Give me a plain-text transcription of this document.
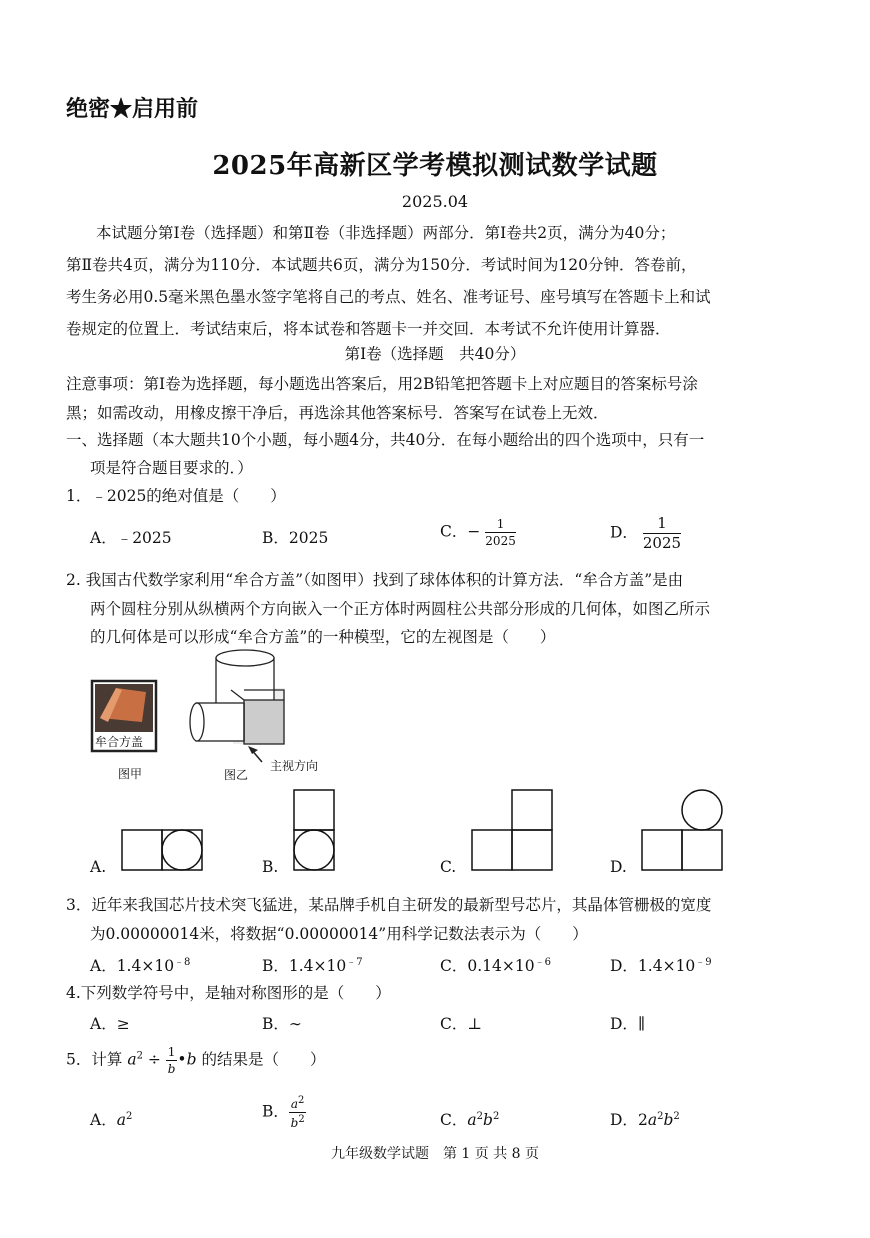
绝密★启用前
2025年高新区学考模拟测试数学试题
2025.04
本试题分第Ⅰ卷（选择题）和第Ⅱ卷（非选择题）两部分．第Ⅰ卷共2页，满分为40分；
第Ⅱ卷共4页，满分为110分．本试题共6页，满分为150分．考试时间为120分钟．答卷前，
考生务必用0.5毫米黑色墨水签字笔将自己的考点、姓名、准考证号、座号填写在答题卡上和试
卷规定的位置上．考试结束后，将本试卷和答题卡一并交回．本考试不允许使用计算器．
第Ⅰ卷（选择题　共40分）
注意事项：第Ⅰ卷为选择题，每小题选出答案后，用2B铅笔把答题卡上对应题目的答案标号涂
黑；如需改动，用橡皮擦干净后，再选涂其他答案标号．答案写在试卷上无效．
一、选择题（本大题共10个小题，每小题4分，共40分．在每小题给出的四个选项中，只有一
项是符合题目要求的．）
1．﹣2025的绝对值是（　　）
A．﹣2025	B．2025	C．− $\frac{1}{2025}$	D． $\frac{1}{2025}$
2. 我国古代数学家利用“牟合方盖”（如图甲）找到了球体体积的计算方法．“牟合方盖”是由
两个圆柱分别从纵横两个方向嵌入一个正方体时两圆柱公共部分形成的几何体，如图乙所示
的几何体是可以形成“牟合方盖”的一种模型，它的左视图是（　　）
牟合方盖
图甲	图乙
主视方向
A.	B.	C.	D.
3．近年来我国芯片技术突飞猛进，某品牌手机自主研发的最新型号芯片，其晶体管栅极的宽度
为0.00000014米，将数据“0.00000014”用科学记数法表示为（　　）
A．$1.4\times 10^{﹣8}$	B．$1.4\times 10^{﹣7}$	C．$0.14\times 10^{﹣6}$	D．$1.4\times 10^{﹣9}$
4.下列数学符号中，是轴对称图形的是（　　）
A．≥	B．∼	C．⊥	D．∥
5．计算 $a^2 \div \frac{1}{b}$ •b 的结果是（　　）
A．$a^2$	B． $\frac{a^2}{b^2}$	C．$a^2b^2$	D．$2a^2b^2$
九年级数学试题　第 1 页 共 8 页
